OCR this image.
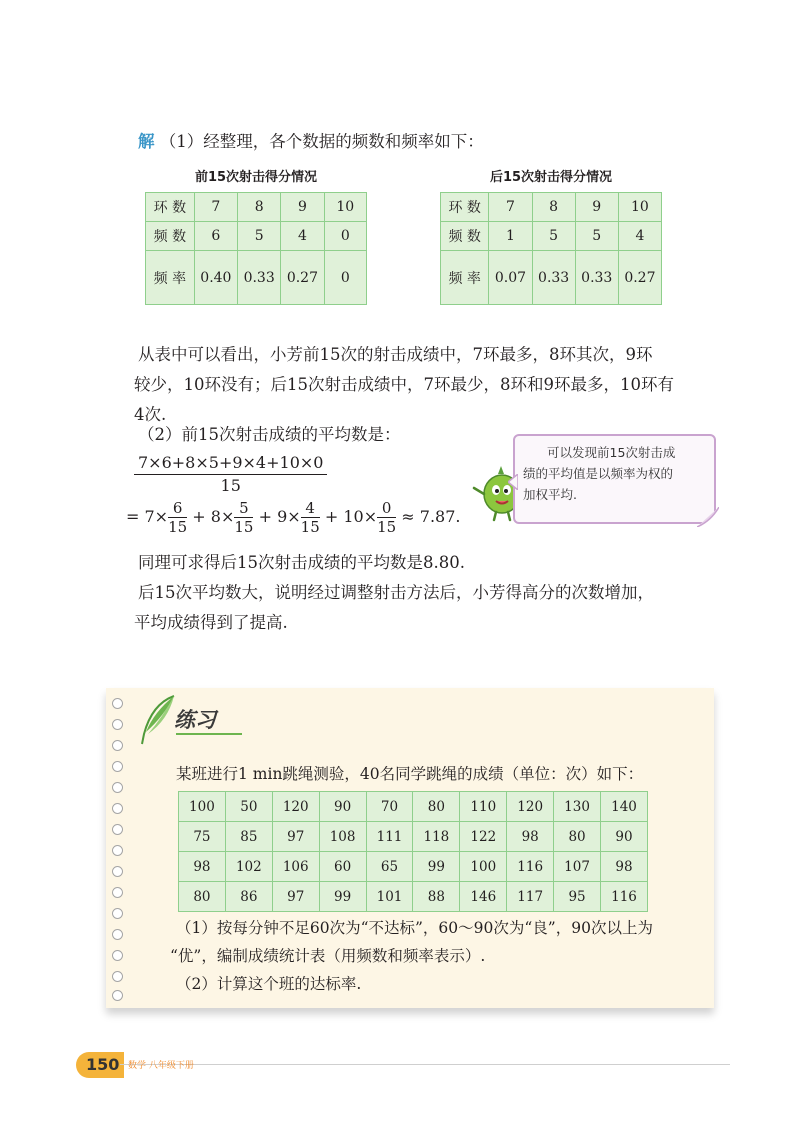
解 （1）经整理，各个数据的频数和频率如下：
前15次射击得分情况	后15次射击得分情况
环 数	7	8	9	10
频 数	6	5	4	0
频 率	0.40	0.33	0.27	0
环 数	7	8	9	10
频 数	1	5	5	4
频 率	0.07	0.33	0.33	0.27
从表中可以看出，小芳前15次的射击成绩中，7环最多，8环其次，9环
较少，10环没有；后15次射击成绩中，7环最少，8环和9环最多，10环有
4次.
（2）前15次射击成绩的平均数是：
$\frac{7\times 6+8\times 5+9\times 4+10\times 0}{15}$
= $7\times \frac{6}{15} + 8\times \frac{5}{15} + 9\times \frac{4}{15} + 10\times \frac{0}{15} \approx 7.87$.
同理可求得后15次射击成绩的平均数是8.80.
后15次平均数大，说明经过调整射击方法后，小芳得高分的次数增加，
平均成绩得到了提高.
可以发现前15次射击成
绩的平均值是以频率为权的
加权平均.
练习
某班进行1 min跳绳测验，40名同学跳绳的成绩（单位：次）如下：
100	50	120	90	70	80	110	120	130	140
75	85	97	108	111	118	122	98	80	90
98	102	106	60	65	99	100	116	107	98
80	86	97	99	101	88	146	117	95	116
（1）按每分钟不足60次为“不达标”，60～90次为“良”，90次以上为
“优”，编制成绩统计表（用频数和频率表示）.
（2）计算这个班的达标率.
150 数学 八年级下册
